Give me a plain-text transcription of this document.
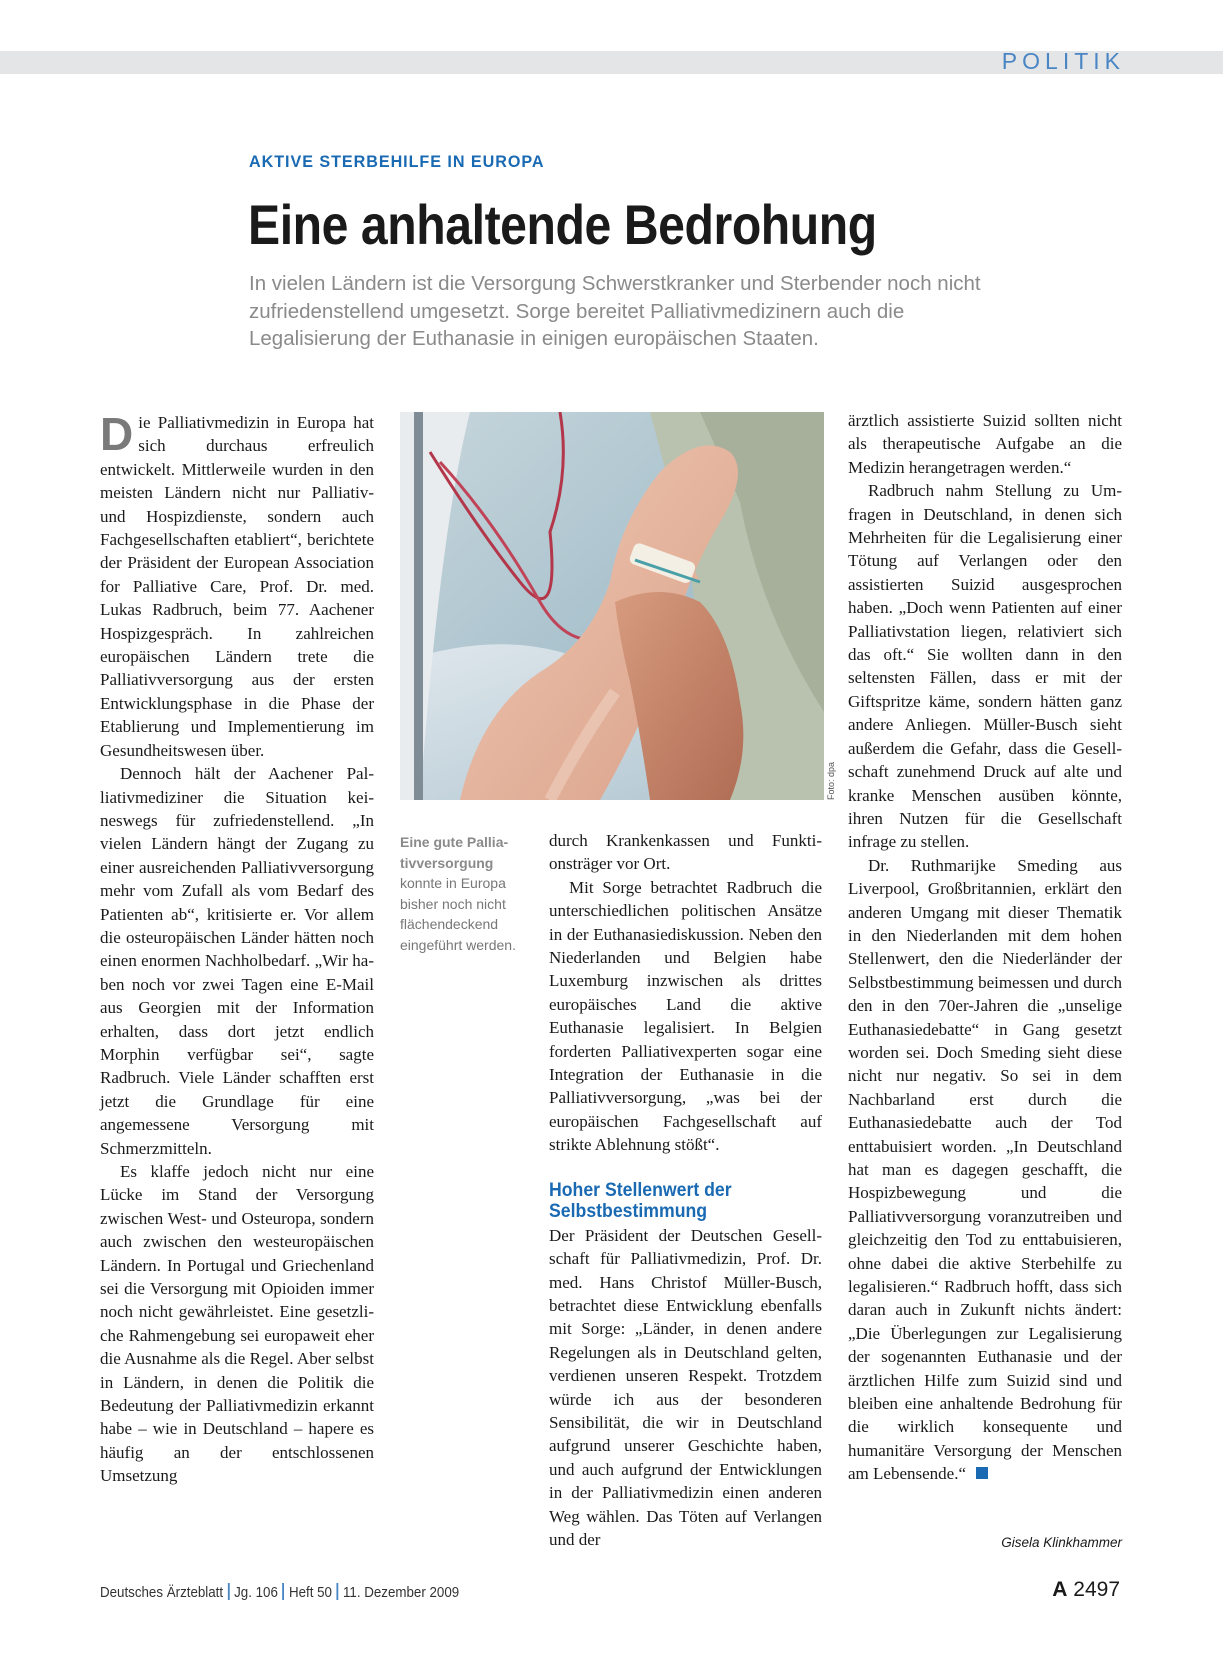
POLITIK
AKTIVE STERBEHILFE IN EUROPA
Eine anhaltende Bedrohung
In vielen Ländern ist die Versorgung Schwerstkranker und Sterbender noch nicht zufriedenstellend umgesetzt. Sorge bereitet Palliativmedizinern auch die Legalisierung der Euthanasie in einigen europäischen Staaten.

Die Palliativmedizin in Europa hat sich durchaus erfreulich entwickelt. Mittlerweile wurden in den meisten Ländern nicht nur Palliativ- und Hospizdienste, sondern auch Fachgesellschaften etabliert“, berichtete der Präsident der European Association for Palliative Care, Prof. Dr. med. Lukas Radbruch, beim 77. Aachener Hospizgespräch. In zahlreichen europäischen Ländern trete die Palliativversorgung aus der ersten Entwicklungsphase in die Phase der Etablierung und Implementierung im Gesundheitswesen über.

Dennoch hält der Aachener Palliativmediziner die Situation keineswegs für zufriedenstellend. „In vielen Ländern hängt der Zugang zu einer ausreichenden Palliativversorgung mehr vom Zufall als vom Bedarf des Patienten ab“, kritisierte er. Vor allem die osteuropäischen Länder hätten noch einen enormen Nachholbedarf. „Wir haben noch vor zwei Tagen eine E-Mail aus Georgien mit der Information erhalten, dass dort jetzt endlich Morphin verfügbar sei“, sagte Radbruch. Viele Länder schafften erst jetzt die Grundlage für eine angemessene Versorgung mit Schmerzmitteln.

Es klaffe jedoch nicht nur eine Lücke im Stand der Versorgung zwischen West- und Osteuropa, sondern auch zwischen den westeuropäischen Ländern. In Portugal und Griechenland sei die Versorgung mit Opioiden immer noch nicht gewährleistet. Eine gesetzliche Rahmengebung sei europaweit eher die Ausnahme als die Regel. Aber selbst in Ländern, in denen die Politik die Bedeutung der Palliativmedizin erkannt habe – wie in Deutschland – hapere es häufig an der entschlossenen Umsetzung

Foto: dpa
Eine gute Palliativversorgung konnte in Europa bisher noch nicht flächendeckend eingeführt werden.

durch Krankenkassen und Funktionsträger vor Ort.

Mit Sorge betrachtet Radbruch die unterschiedlichen politischen Ansätze in der Euthanasiediskussion. Neben den Niederlanden und Belgien habe Luxemburg inzwischen als drittes europäisches Land die aktive Euthanasie legalisiert. In Belgien forderten Palliativexperten sogar eine Integration der Euthanasie in die Palliativversorgung, „was bei der europäischen Fachgesellschaft auf strikte Ablehnung stößt“.

Hoher Stellenwert der Selbstbestimmung

Der Präsident der Deutschen Gesellschaft für Palliativmedizin, Prof. Dr. med. Hans Christof Müller-Busch, betrachtet diese Entwicklung ebenfalls mit Sorge: „Länder, in denen andere Regelungen als in Deutschland gelten, verdienen unseren Respekt. Trotzdem würde ich aus der besonderen Sensibilität, die wir in Deutschland aufgrund unserer Geschichte haben, und auch aufgrund der Entwicklungen in der Palliativmedizin einen anderen Weg wählen. Das Töten auf Verlangen und der

ärztlich assistierte Suizid sollten nicht als therapeutische Aufgabe an die Medizin herangetragen werden.“

Radbruch nahm Stellung zu Umfragen in Deutschland, in denen sich Mehrheiten für die Legalisierung einer Tötung auf Verlangen oder den assistierten Suizid ausgesprochen haben. „Doch wenn Patienten auf einer Palliativstation liegen, relativiert sich das oft.“ Sie wollten dann in den seltensten Fällen, dass er mit der Giftspritze käme, sondern hätten ganz andere Anliegen. Müller-Busch sieht außerdem die Gefahr, dass die Gesellschaft zunehmend Druck auf alte und kranke Menschen ausüben könnte, ihren Nutzen für die Gesellschaft infrage zu stellen.

Dr. Ruthmarijke Smeding aus Liverpool, Großbritannien, erklärt den anderen Umgang mit dieser Thematik in den Niederlanden mit dem hohen Stellenwert, den die Niederländer der Selbstbestimmung beimessen und durch den in den 70er-Jahren die „unselige Euthanasiedebatte“ in Gang gesetzt worden sei. Doch Smeding sieht diese nicht nur negativ. So sei in dem Nachbarland erst durch die Euthanasiedebatte auch der Tod enttabuisiert worden. „In Deutschland hat man es dagegen geschafft, die Hospizbewegung und die Palliativversorgung voranzutreiben und gleichzeitig den Tod zu enttabuisieren, ohne dabei die aktive Sterbehilfe zu legalisieren.“ Radbruch hofft, dass sich daran auch in Zukunft nichts ändert: „Die Überlegungen zur Legalisierung der sogenannten Euthanasie und der ärztlichen Hilfe zum Suizid sind und bleiben eine anhaltende Bedrohung für die wirklich konsequente und humanitäre Versorgung der Menschen am Lebensende.“

Gisela Klinkhammer
Deutsches Ärzteblatt Jg. 106 Heft 50 11. Dezember 2009	A 2497
